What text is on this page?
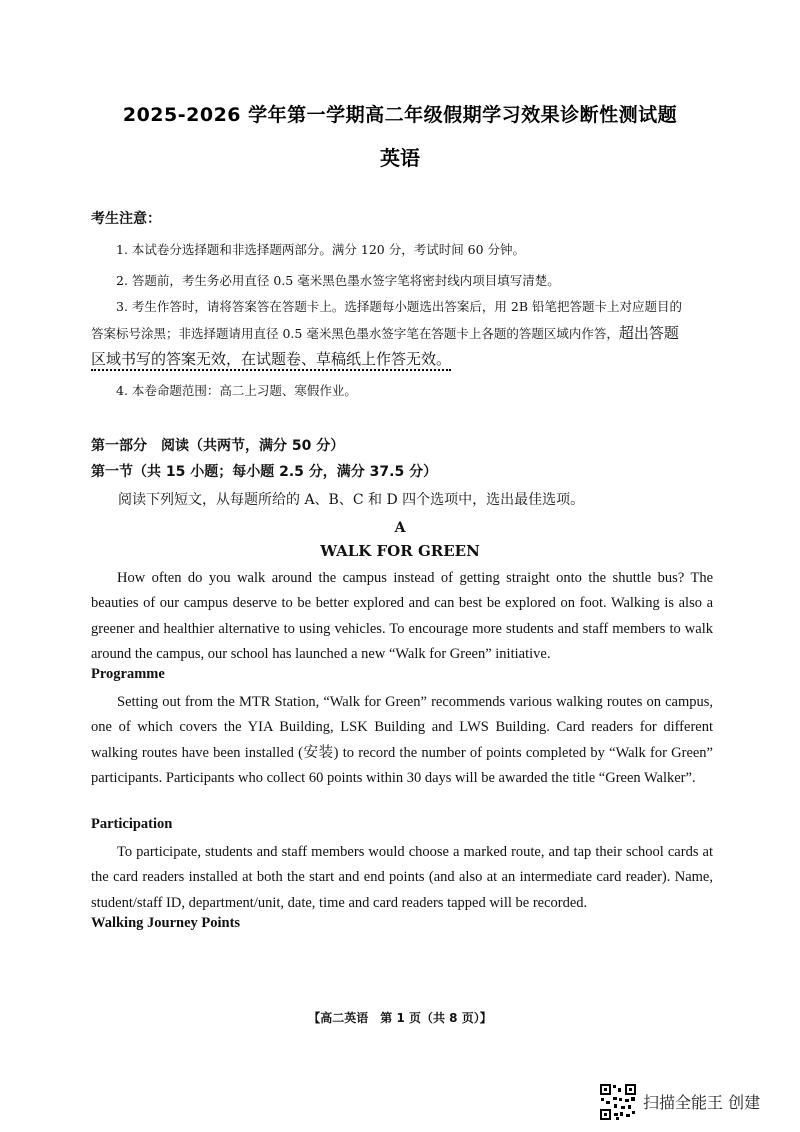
2025-2026 学年第一学期高二年级假期学习效果诊断性测试题
英语
考生注意：
1. 本试卷分选择题和非选择题两部分。满分 120 分，考试时间 60 分钟。
2. 答题前，考生务必用直径 0.5 毫米黑色墨水签字笔将密封线内项目填写清楚。
3. 考生作答时，请将答案答在答题卡上。选择题每小题选出答案后，用 2B 铅笔把答题卡上对应题目的
答案标号涂黑；非选择题请用直径 0.5 毫米黑色墨水签字笔在答题卡上各题的答题区域内作答，超出答题
区域书写的答案无效，在试题卷、草稿纸上作答无效。
4. 本卷命题范围：高二上习题、寒假作业。
第一部分　阅读（共两节，满分 50 分）
第一节（共 15 小题；每小题 2.5 分，满分 37.5 分）
阅读下列短文，从每题所给的 A、B、C 和 D 四个选项中，选出最佳选项。
A
WALK FOR GREEN
How often do you walk around the campus instead of getting straight onto the shuttle bus? The beauties of our campus deserve to be better explored and can best be explored on foot. Walking is also a greener and healthier alternative to using vehicles. To encourage more students and staff members to walk around the campus, our school has launched a new “Walk for Green” initiative.
Programme
Setting out from the MTR Station, “Walk for Green” recommends various walking routes on campus, one of which covers the YIA Building, LSK Building and LWS Building. Card readers for different walking routes have been installed (安装) to record the number of points completed by “Walk for Green” participants. Participants who collect 60 points within 30 days will be awarded the title “Green Walker”.
Participation
To participate, students and staff members would choose a marked route, and tap their school cards at the card readers installed at both the start and end points (and also at an intermediate card reader). Name, student/staff ID, department/unit, date, time and card readers tapped will be recorded.
Walking Journey Points
【高二英语　第 1 页（共 8 页）】
扫描全能王 创建
